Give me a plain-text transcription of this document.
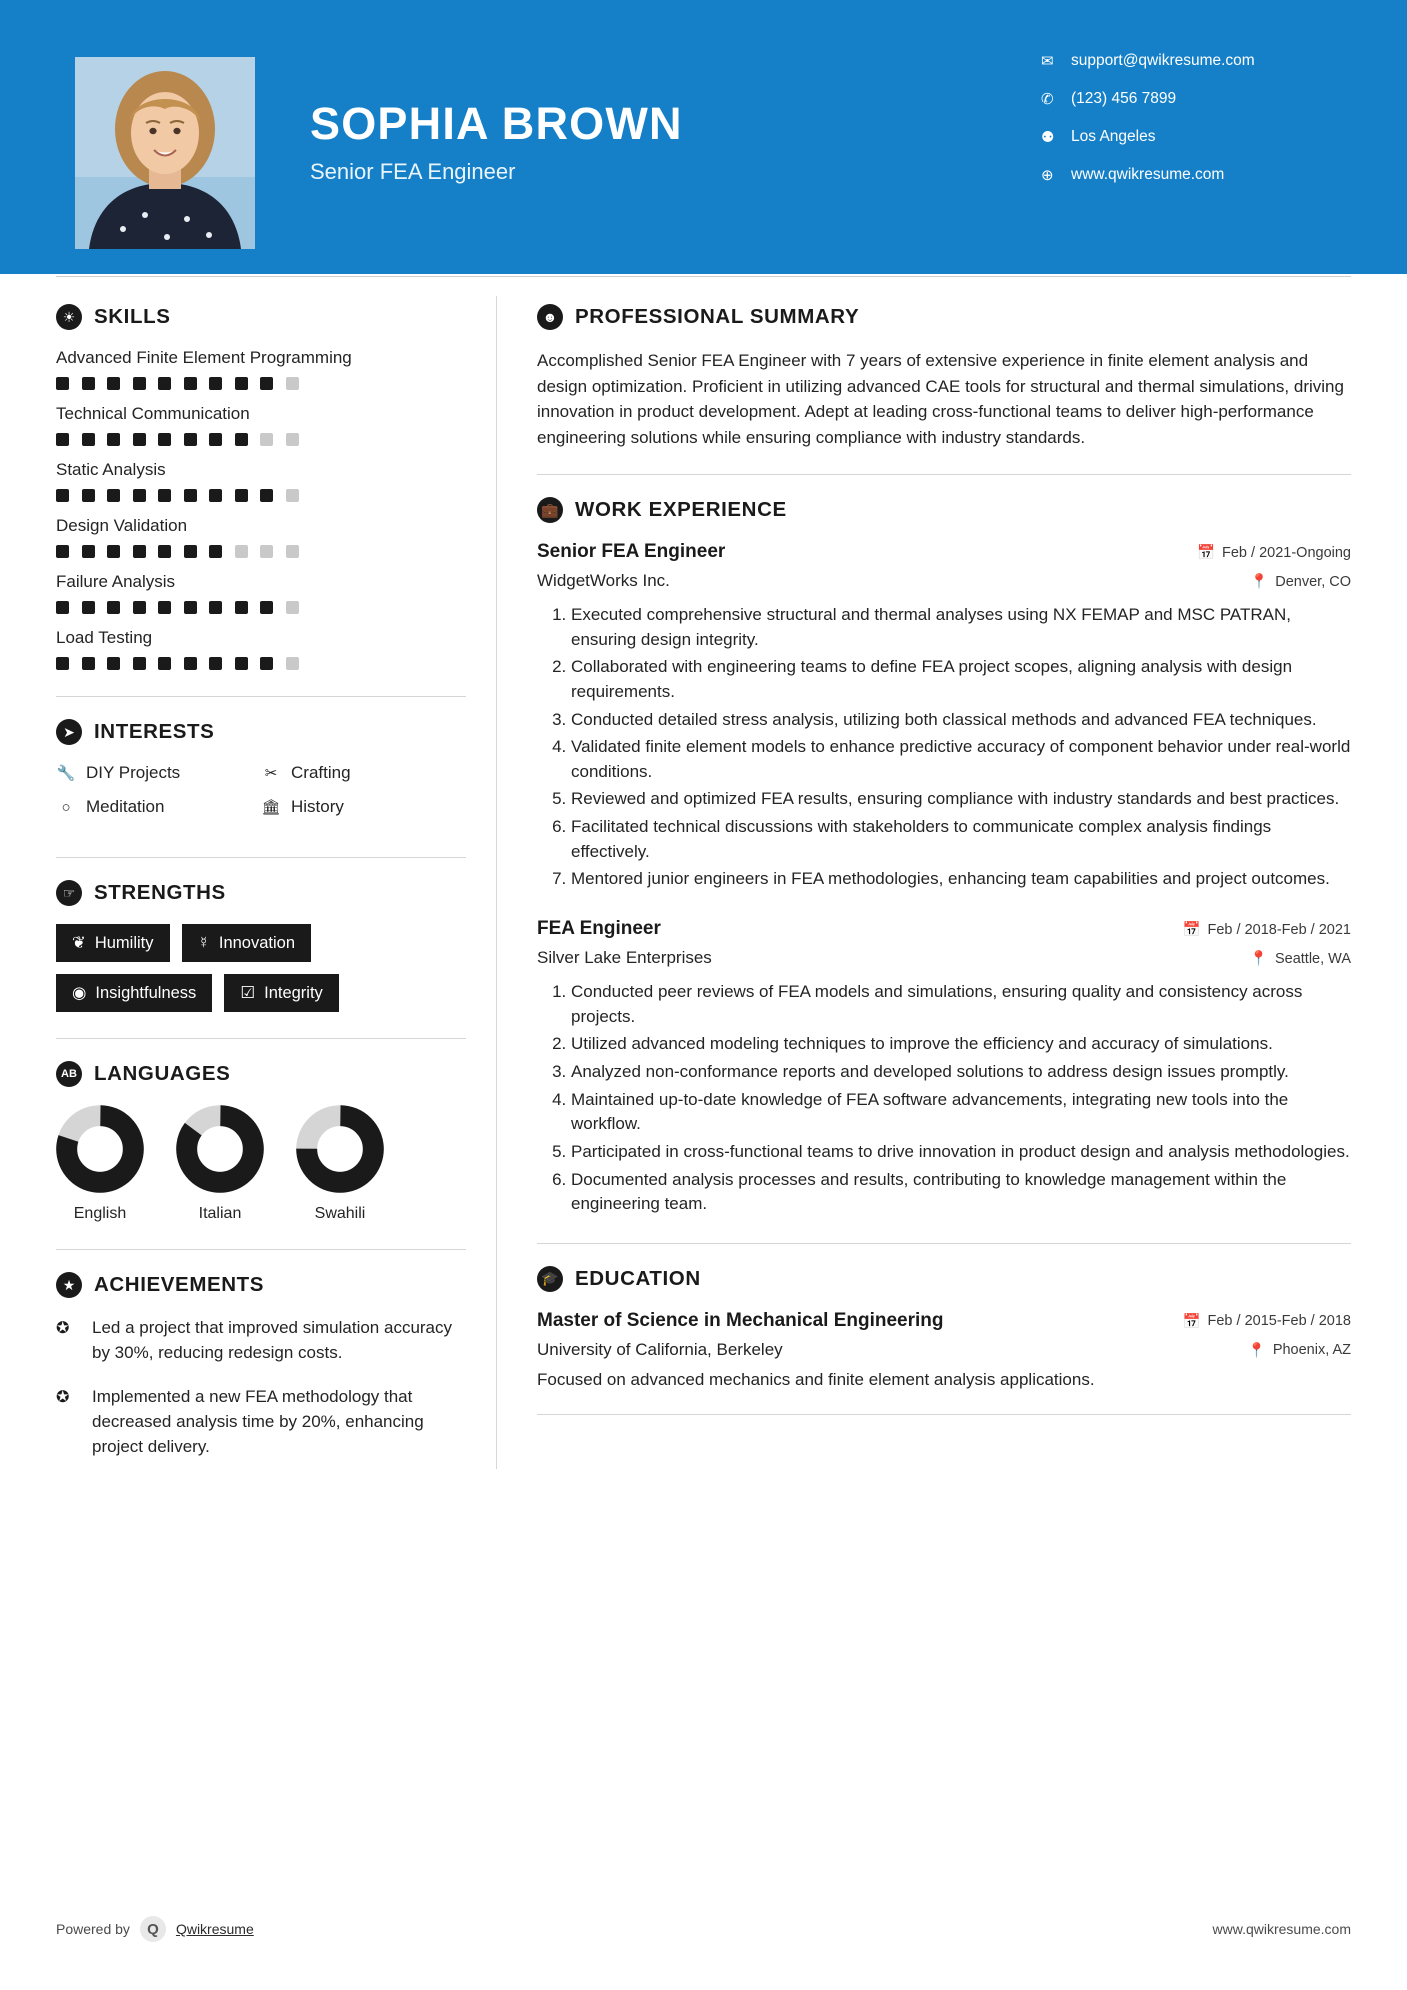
SOPHIA BROWN
Senior FEA Engineer
✉	support@qwikresume.com
✆	(123) 456 7899
⚉	Los Angeles
⊕	www.qwikresume.com
☀ SKILLS
Advanced Finite Element Programming
Technical Communication
Static Analysis
Design Validation
Failure Analysis
Load Testing
➤ INTERESTS
🔧 DIY Projects	✂ Crafting
○ Meditation	🏛 History
☞ STRENGTHS
❦ Humility	☿ Innovation
◉ Insightfulness	☑ Integrity
AB LANGUAGES
English	Italian	Swahili
★ ACHIEVEMENTS
✪	Led a project that improved simulation accuracy by 30%, reducing redesign costs.
✪	Implemented a new FEA methodology that decreased analysis time by 20%, enhancing project delivery.
☻ PROFESSIONAL SUMMARY
Accomplished Senior FEA Engineer with 7 years of extensive experience in finite element analysis and design optimization. Proficient in utilizing advanced CAE tools for structural and thermal simulations, driving innovation in product development. Adept at leading cross-functional teams to deliver high-performance engineering solutions while ensuring compliance with industry standards.
💼 WORK EXPERIENCE
Senior FEA Engineer	📅 Feb / 2021-Ongoing
WidgetWorks Inc.	📍 Denver, CO
1. Executed comprehensive structural and thermal analyses using NX FEMAP and MSC PATRAN, ensuring design integrity.
2. Collaborated with engineering teams to define FEA project scopes, aligning analysis with design requirements.
3. Conducted detailed stress analysis, utilizing both classical methods and advanced FEA techniques.
4. Validated finite element models to enhance predictive accuracy of component behavior under real-world conditions.
5. Reviewed and optimized FEA results, ensuring compliance with industry standards and best practices.
6. Facilitated technical discussions with stakeholders to communicate complex analysis findings effectively.
7. Mentored junior engineers in FEA methodologies, enhancing team capabilities and project outcomes.
FEA Engineer	📅 Feb / 2018-Feb / 2021
Silver Lake Enterprises	📍 Seattle, WA
1. Conducted peer reviews of FEA models and simulations, ensuring quality and consistency across projects.
2. Utilized advanced modeling techniques to improve the efficiency and accuracy of simulations.
3. Analyzed non-conformance reports and developed solutions to address design issues promptly.
4. Maintained up-to-date knowledge of FEA software advancements, integrating new tools into the workflow.
5. Participated in cross-functional teams to drive innovation in product design and analysis methodologies.
6. Documented analysis processes and results, contributing to knowledge management within the engineering team.
🎓 EDUCATION
Master of Science in Mechanical Engineering	📅 Feb / 2015-Feb / 2018
University of California, Berkeley	📍 Phoenix, AZ
Focused on advanced mechanics and finite element analysis applications.
Powered by	Q	Qwikresume	www.qwikresume.com
